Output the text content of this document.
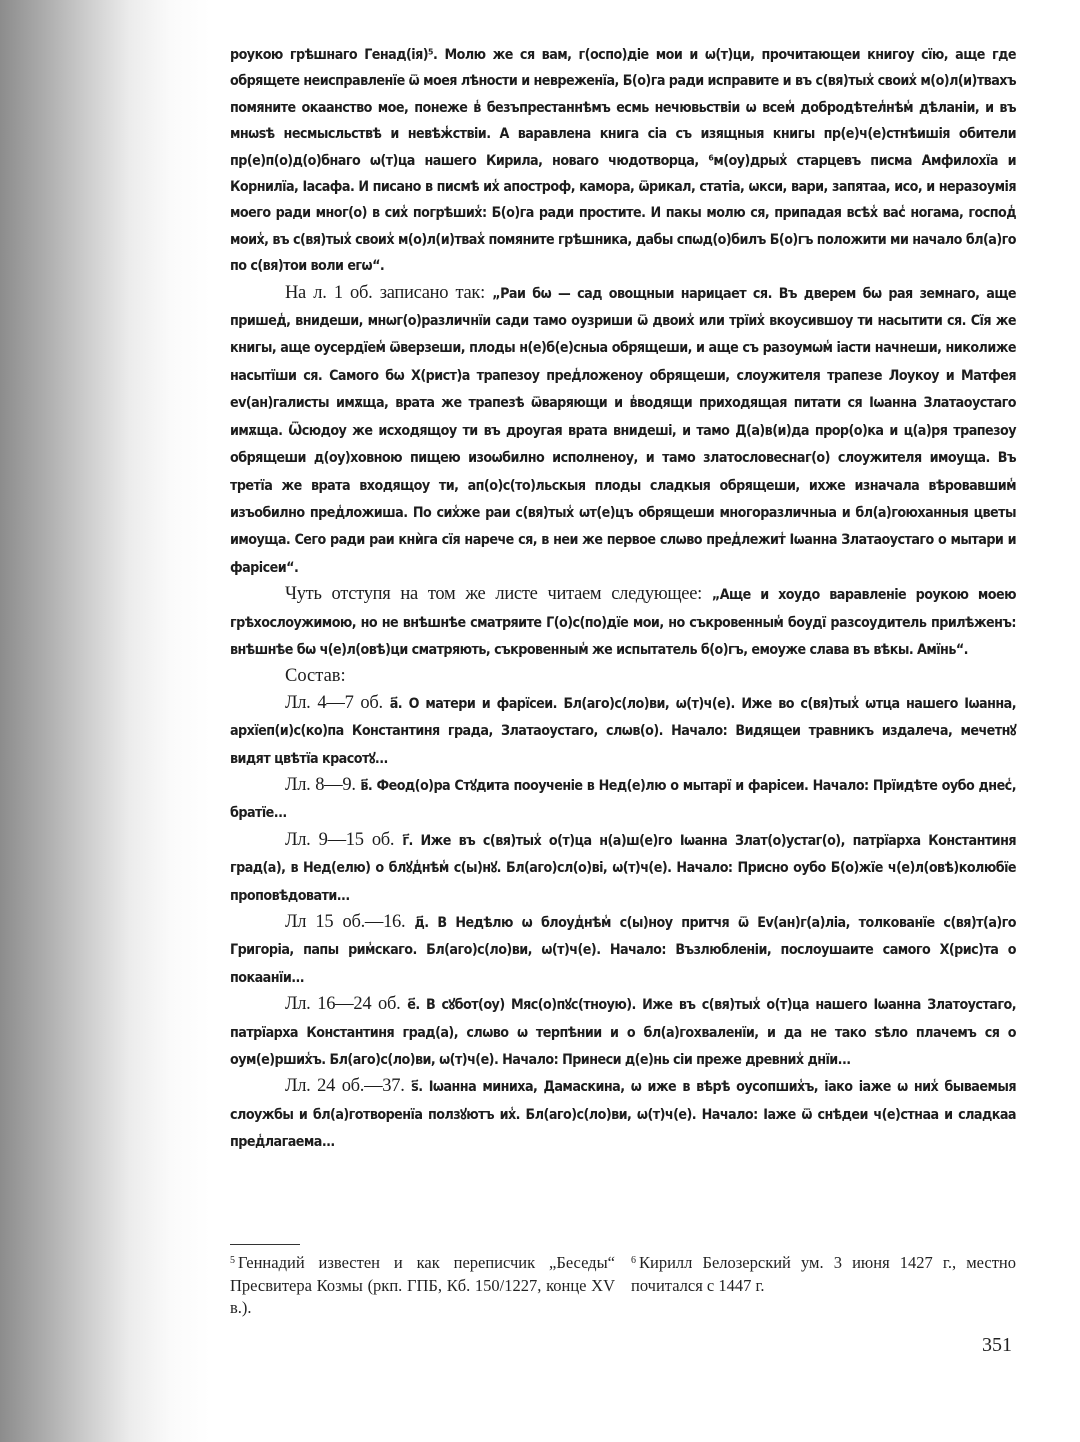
роукою грѣшнаго Генад(ія)⁵. Молю же ся вам, г(оспо)діе мои и ѡ(т)ци, прочитающеи книгоу сїю, аще где обрящете неисправленїе ѿ моея лѣности и невреженїа, Б(о)га ради исправите и въ с(вя)тых̾ своих̾ м(о)л(и)твахъ помяните окаанство мое, понеже в̾ безъпрестаннѣмъ есмь нечювьствіи ѡ всем̾ добродѣтел̾нѣм̾ дѣланіи, и въ мнѡѕѣ несмысльствѣ и невѣж̾̾ствіи. А варавлена книга сіа съ изящныя книгы пр(е)ч(е)стнѣишія обители пр(е)п(о)д(о)бнаго ѡ(т)ца нашего Кирила, новаго чюдотворца, ⁶м(оу)дрых̾ старцевъ писма Амфилохїа и Корнилїа, Іасафа. И писано в писмѣ их̾ апостроф, камора, ѿрикал, статіа, ѡкси, вари, запятаа, исо, и неразоумія моего ради мног(о) в сих̾ погрѣших̾: Б(о)га ради простите. И пакы молю ся, припадая всѣх̾ вас̾ ногама, господ̾ моих̾, въ с(вя)тых̾ своих̾ м(о)л(и)твах̾ помяните грѣшника, дабы спѡд(о)билъ Б(о)гъ положити ми начало бл(а)го по с(вя)тои воли егѡ“.

На л. 1 об. записано так: „Раи бѡ — сад овощныи нарицает ся. Въ дверем бѡ рая земнаго, аще пришед̾, внидеши, мнѡг(о)различнїи сади тамо оузриши ѿ двоих̾ или трїих̾ вкоусившоу ти насытити ся. Сїя же книгы, аще оусердїем̾ ѿверзеши, плоды н(е)б(е)сныа обрящеши, и аще съ разоумѡм̾ іасти начнеши, николиже насытїши ся. Самого бѡ Х(рист)а трапезоу пред̾ложеноу обрящеши, слоужителя трапезе Лоукоу и Матфея еv(ан)галисты имѫща, врата же трапезѣ ѿваряющи и в̾водящи приходящая питати ся Іѡанна Златаоустаго имѫща. Ѿсюдоу же исходящоу ти въ дроугая врата внидеші, и тамо Д(а)в(и)да прор(о)ка и ц(а)ря трапезоу обрящеши д(оу)ховною пищею изоѡбилно исполненоу, и тамо златословеснаг(о) слоужителя имоуща. Въ третїа же врата входящоу ти, ап(о)с(то)льскыя плоды сладкыя обрящеши, ихже изначала вѣровавшим̾ изъобилно пред̾ложиша. По сих̾же раи с(вя)тых̾ ѡт(е)цъ обрящеши многоразличныа и бл(а)гоюханныя цветы имоуща. Сего ради раи кнѝга сїя нарече ся, в неи же первое слѡво пред̾лежит̾ Іѡанна Златаоустаго о мытари и фарісеи“.

Чуть отступя на том же листе читаем следующее: „Аще и хоудо варавленіе роукою моею грѣхослоужимою, но не внѣшнѣе сматряите Г(о)с(по)дїе мои, но съкровенным̾ боудї разсоудитель прилѣженъ: внѣшнѣе бѡ ч(е)л(овѣ)ци сматряють, съкровенным̾ же испытатель б(о)гъ, емоуже слава въ вѣкы. Амїнь“.

Состав:

Лл. 4—7 об. а҃. О матери и фарїсеи. Бл(аго)с(ло)ви, ѡ(т)ч(е). Иже во с(вя)тых̾ ѡтца нашего Іѡанна, архїеп(и)с(ко)па Константиня града, Златаоустаго, слѡв(о). Начало: Видящеи травникъ издалеча, мечетнꙋ видят цвѣтїа красотꙋ...

Лл. 8—9. в҃. Феод(о)ра Стꙋдита поoученіе в Нед(е)лю о мытарї и фарісеи. Начало: Прїидѣте оубо днес̾, братїе...

Лл. 9—15 об. г҃. Иже въ с(вя)тых̾ о(т)ца н(а)ш(е)го Іѡанна Злат(о)устаг(о), патрїарха Константиня град(а), в Нед(елю) о блꙋд̾нѣм̾ с(ы)нꙋ. Бл(аго)сл(о)ві, ѡ(т)ч(е). Начало: Присно оубо Б(о)жїе ч(е)л(овѣ)колюбїе проповѣдовати...

Лл 15 об.—16. д҃. В Недѣлю ѡ блоуд̾нѣм̾ с(ы)ноу притчя ѿ Еv(ан)г(а)ліа, толкованїе с(вя)т(а)го Григоріа, папы рим̾скаго. Бл(аго)с(ло)ви, ѡ(т)ч(е). Начало: Възлюбленіи, послоушаите самого Х(рис)та о покаанїи...

Лл. 16—24 об. е҃. В сꙋбот(оу) Мяс(о)пꙋс(тноую). Иже въ с(вя)тых̾ о(т)ца нашего Іѡанна Златоустаго, патрїарха Константиня град(а), слѡво ѡ терпѣнии и о бл(а)гохваленїи, и да не тако ѕѣло плачемъ ся о оум(е)рших̾ъ. Бл(аго)с(ло)ви, ѡ(т)ч(е). Начало: Принеси д(е)нь сіи прежe древних̾ днїи...

Лл. 24 об.—37. ѕ҃. Іѡанна миниха, Дамаскина, ѡ иже в вѣрѣ оусопших̾ъ, іако іаже ѡ них̾ бываемыя слоужбы и бл(а)готворенїа ползꙋютъ их̾. Бл(аго)с(ло)ви, ѡ(т)ч(е). Начало: Іаже ѿ снѣдеи ч(е)стнаа и сладкаа пред̾лагаема...

$^5$ Геннадий известен и как переписчик „Беседы“ Пресвитера Козмы (ркп. ГПБ, Кб. 150/1227, конце XV в.).
$^6$ Кирилл Белозерский ум. 3 июня 1427 г., местно почитался с 1447 г.
351
